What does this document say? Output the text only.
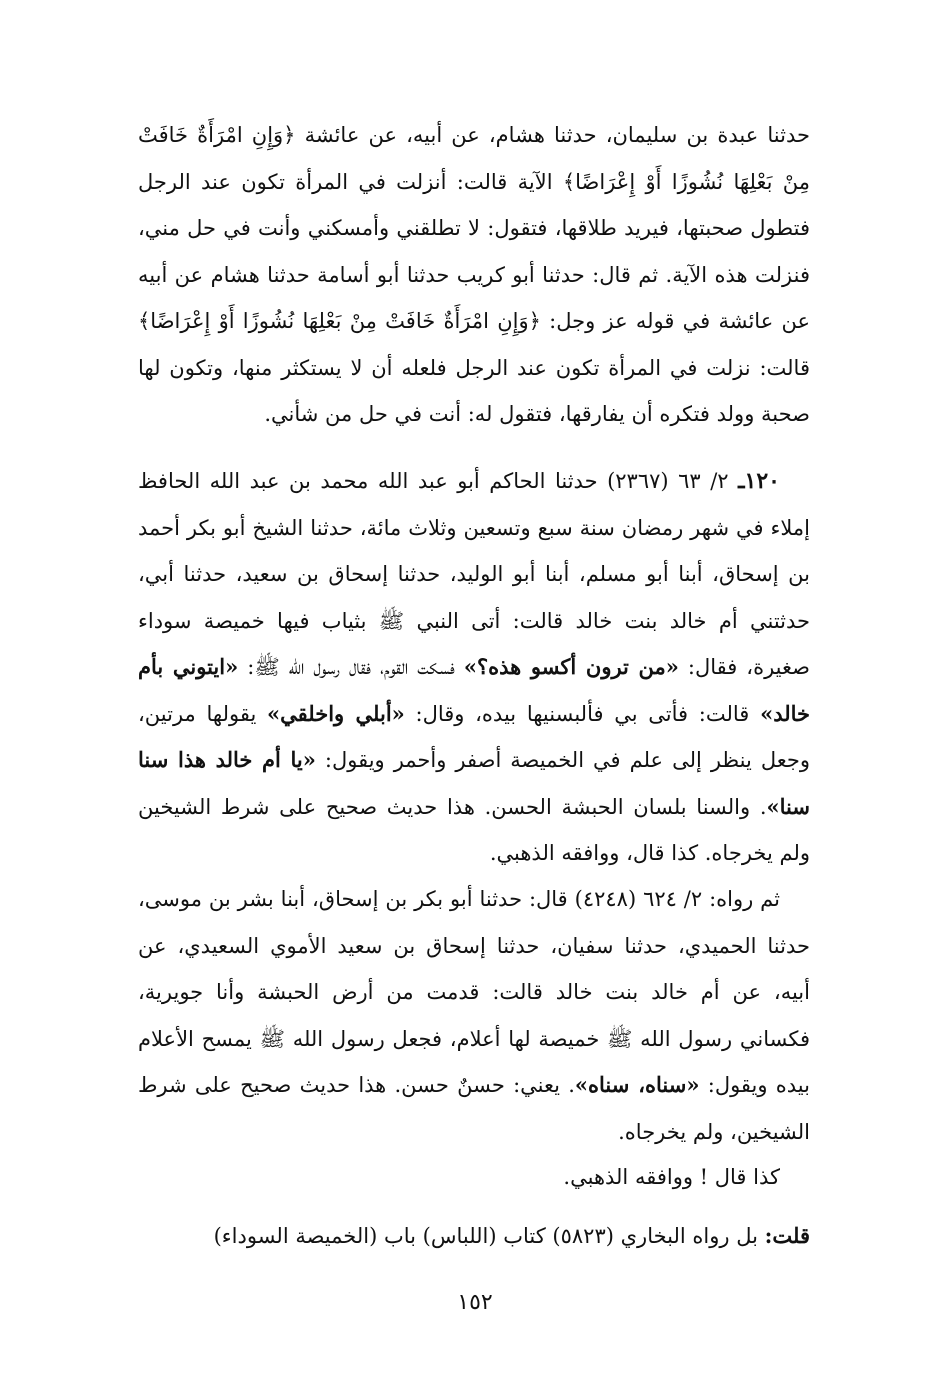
حدثنا عبدة بن سليمان، حدثنا هشام، عن أبيه، عن عائشة ﴿وَإِنِ امْرَأَةٌ خَافَتْ مِنْ بَعْلِهَا نُشُوزًا أَوْ إِعْرَاضًا﴾ الآية قالت: أنزلت في المرأة تكون عند الرجل فتطول صحبتها، فيريد طلاقها، فتقول: لا تطلقني وأمسكني وأنت في حل مني، فنزلت هذه الآية. ثم قال: حدثنا أبو كريب حدثنا أبو أسامة حدثنا هشام عن أبيه عن عائشة في قوله عز وجل: ﴿وَإِنِ امْرَأَةٌ خَافَتْ مِنْ بَعْلِهَا نُشُوزًا أَوْ إِعْرَاضًا﴾ قالت: نزلت في المرأة تكون عند الرجل فلعله أن لا يستكثر منها، وتكون لها صحبة وولد فتكره أن يفارقها، فتقول له: أنت في حل من شأني.

١٢٠ـ ٢/ ٦٣ (٢٣٦٧) حدثنا الحاكم أبو عبد الله محمد بن عبد الله الحافظ إملاء في شهر رمضان سنة سبع وتسعين وثلاث مائة، حدثنا الشيخ أبو بكر أحمد بن إسحاق، أبنا أبو مسلم، أبنا أبو الوليد، حدثنا إسحاق بن سعيد، حدثنا أبي، حدثتني أم خالد بنت خالد قالت: أتى النبي ﷺ بثياب فيها خميصة سوداء صغيرة، فقال: «من ترون أكسو هذه؟» فسكت القوم، فقال رسول الله ﷺ: «ايتوني بأم خالد» قالت: فأتى بي فألبسنيها بيده، وقال: «أبلي واخلقي» يقولها مرتين، وجعل ينظر إلى علم في الخميصة أصفر وأحمر ويقول: «يا أم خالد هذا سنا سنا». والسنا بلسان الحبشة الحسن. هذا حديث صحيح على شرط الشيخين ولم يخرجاه. كذا قال، ووافقه الذهبي.

ثم رواه: ٢/ ٦٢٤ (٤٢٤٨) قال: حدثنا أبو بكر بن إسحاق، أبنا بشر بن موسى، حدثنا الحميدي، حدثنا سفيان، حدثنا إسحاق بن سعيد الأموي السعيدي، عن أبيه، عن أم خالد بنت خالد قالت: قدمت من أرض الحبشة وأنا جويرية، فكساني رسول الله ﷺ خميصة لها أعلام، فجعل رسول الله ﷺ يمسح الأعلام بيده ويقول: «سناه، سناه». يعني: حسنٌ حسن. هذا حديث صحيح على شرط الشيخين، ولم يخرجاه.

كذا قال ! ووافقه الذهبي.

قلت: بل رواه البخاري (٥٨٢٣) كتاب (اللباس) باب (الخميصة السوداء)

١٥٢
